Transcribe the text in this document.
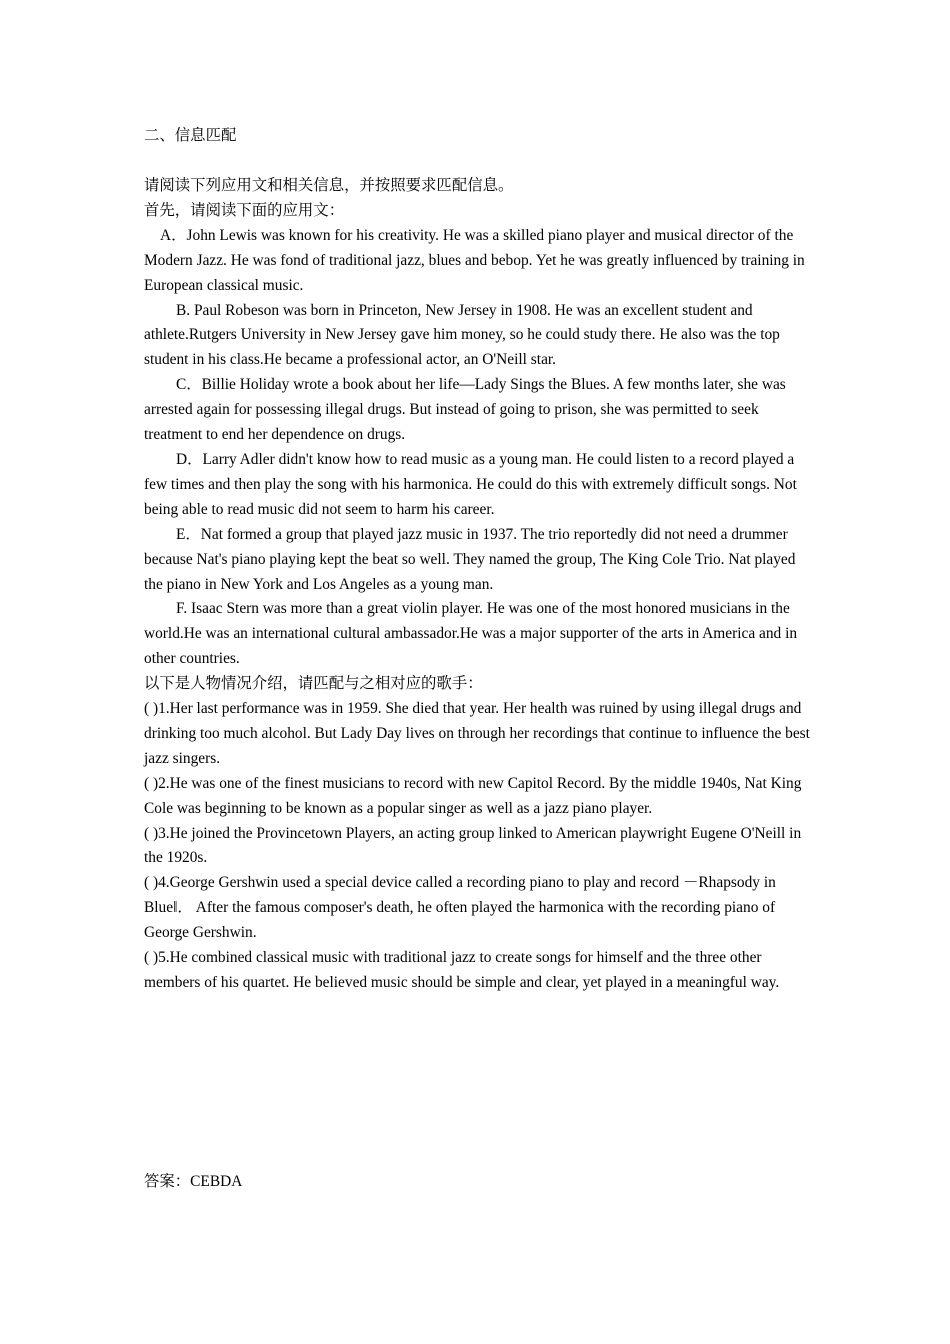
二、信息匹配

请阅读下列应用文和相关信息，并按照要求匹配信息。

首先，请阅读下面的应用文：

A．John Lewis was known for his creativity. He was a skilled piano player and musical director of the Modern Jazz. He was fond of traditional jazz, blues and bebop. Yet he was greatly influenced by training in European classical music.

B. Paul Robeson was born in Princeton, New Jersey in 1908. He was an excellent student and athlete.Rutgers University in New Jersey gave him money, so he could study there. He also was the top student in his class.He became a professional actor, an O'Neill star.

C．Billie Holiday wrote a book about her life—Lady Sings the Blues. A few months later, she was arrested again for possessing illegal drugs. But instead of going to prison, she was permitted to seek treatment to end her dependence on drugs.

D．Larry Adler didn't know how to read music as a young man. He could listen to a record played a few times and then play the song with his harmonica. He could do this with extremely difficult songs. Not being able to read music did not seem to harm his career.

E．Nat formed a group that played jazz music in 1937. The trio reportedly did not need a drummer because Nat's piano playing kept the beat so well. They named the group, The King Cole Trio. Nat played the piano in New York and Los Angeles as a young man.

F. Isaac Stern was more than a great violin player. He was one of the most honored musicians in the world.He was an international cultural ambassador.He was a major supporter of the arts in America and in other countries.

以下是人物情况介绍，请匹配与之相对应的歌手：

( )1.Her last performance was in 1959. She died that year. Her health was ruined by using illegal drugs and drinking too much alcohol. But Lady Day lives on through her recordings that continue to influence the best jazz singers.

( )2.He was one of the finest musicians to record with new Capitol Record. By the middle 1940s, Nat King Cole was beginning to be known as a popular singer as well as a jazz piano player.

( )3.He joined the Provincetown Players, an acting group linked to American playwright Eugene O'Neill in the 1920s.

( )4.George Gershwin used a special device called a recording piano to play and record －Rhapsody in Blue‖． After the famous composer's death, he often played the harmonica with the recording piano of George Gershwin.

( )5.He combined classical music with traditional jazz to create songs for himself and the three other members of his quartet. He believed music should be simple and clear, yet played in a meaningful way.

答案：CEBDA
